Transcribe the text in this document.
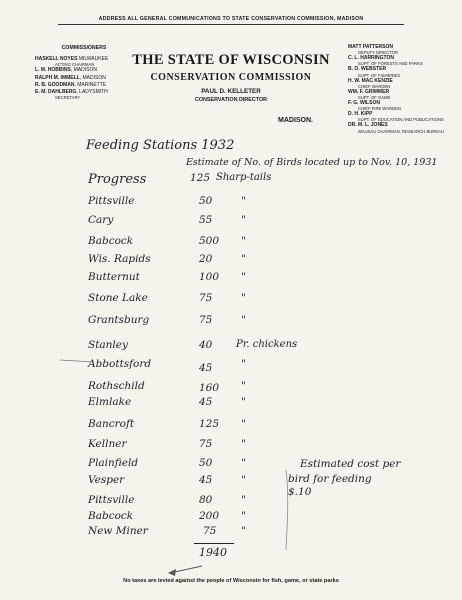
ADDRESS ALL GENERAL COMMUNICATIONS TO STATE CONSERVATION COMMISSION, MADISON
COMMISSIONERS
HASKELL NOYES MILWAUKEE
ACTING CHAIRMAN
L. M. HOBBINS, MADISON
RALPH M. IMMELL, MADISON
R. B. GOODMAN, MARINETTE
E. M. DAHLBERG, LADYSMITH
SECRETARY
THE STATE OF WISCONSIN
CONSERVATION COMMISSION
PAUL D. KELLETER
CONSERVATION DIRECTOR
MADISON.
MATT PATTERSON
DEPUTY DIRECTOR
C. L. HARRINGTON
SUPT. OF FORESTS AND PARKS
B. O. WEBSTER
SUPT. OF FISHERIES
H. W. MAC KENZIE
CHIEF WARDEN
WM. F. GRIMMER
SUPT. OF GAME
F. G. WILSON
CHIEF FIRE WARDEN
D. H. KIPP
SUPT. OF EDUCATION AND PUBLICATIONS
DR. M. L. JONES
WAUSAU CHAIRMAN, RESEARCH BUREAU
Feeding Stations 1932
Estimate of No. of Birds located up to Nov. 10, 1931
Progress	125 Sharp-tails
Pittsville	50	"
Cary	55	"
Babcock	500 "
Wis. Rapids	20	"
Butternut	100 "
Stone Lake	75	"
Grantsburg	75	"
Stanley	40 Pr. chickens
Abbottsford	45	"
Rothschild	160 "
Elmlake	45	"
Bancroft	125 "
Kellner	75	"
Plainfield	50	"
Vesper	45	"
Pittsville	80	"
Babcock	200 "
New Miner	75 "
1940
Estimated cost per
bird for feeding
$.10
No taxes are levied against the people of Wisconsin for fish, game, or state parks
